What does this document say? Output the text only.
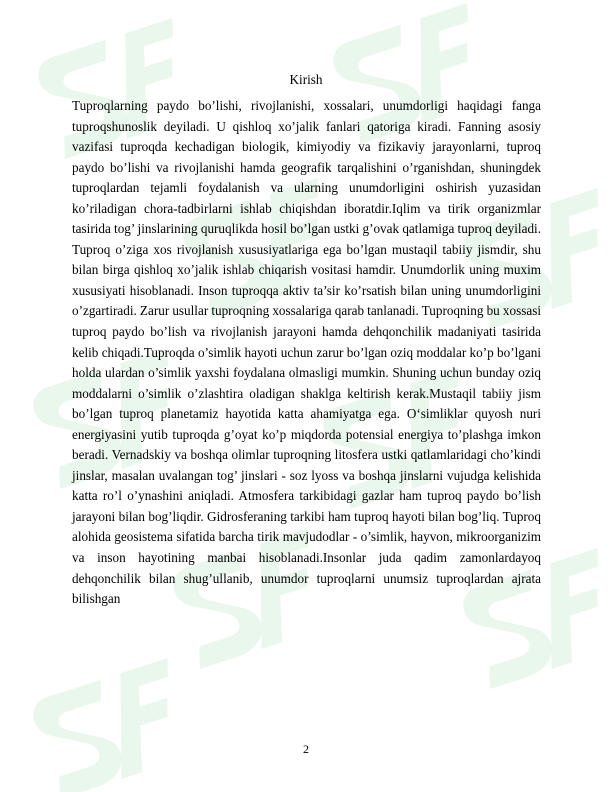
Kirish

Tuproqlarning paydo bo’lishi, rivojlanishi, xossalari, unumdorligi haqidagi fanga tuproqshunoslik deyiladi. U qishloq xo’jalik fanlari qatoriga kiradi. Fanning asosiy vazifasi tuproqda kechadigan biologik, kimiyodiy va fizikaviy jarayonlarni, tuproq paydo bo’lishi va rivojlanishi hamda geografik tarqalishini o’rganishdan, shuningdek tuproqlardan tejamli foydalanish va ularning unumdorligini oshirish yuzasidan ko’riladigan chora-tadbirlarni ishlab chiqishdan iboratdir.Iqlim va tirik organizmlar tasirida tog’ jinslarining quruqlikda hosil bo’lgan ustki g’ovak qatlamiga tuproq deyiladi. Tuproq o’ziga xos rivojlanish xususiyatlariga ega bo’lgan mustaqil tabiiy jismdir, shu bilan birga qishloq xo’jalik ishlab chiqarish vositasi hamdir. Unumdorlik uning muxim xususiyati hisoblanadi. Inson tuproqqa aktiv ta’sir ko’rsatish bilan uning unumdorligini o’zgartiradi. Zarur usullar tuproqning xossalariga qarab tanlanadi. Tuproqning bu xossasi tuproq paydo bo’lish va rivojlanish jarayoni hamda dehqonchilik madaniyati tasirida kelib chiqadi.Tuproqda o’simlik hayoti uchun zarur bo’lgan oziq moddalar ko’p bo’lgani holda ulardan o’simlik yaxshi foydalana olmasligi mumkin. Shuning uchun bunday oziq moddalarni o’simlik o’zlashtira oladigan shaklga keltirish kerak.Mustaqil tabiiy jism bo’lgan tuproq planetamiz hayotida katta ahamiyatga ega. O‘simliklar quyosh nuri energiyasini yutib tuproqda g’oyat ko’p miqdorda potensial energiya to’plashga imkon beradi. Vernadskiy va boshqa olimlar tuproqning litosfera ustki qatlamlaridagi cho’kindi jinslar, masalan uvalangan tog’ jinslari - soz lyoss va boshqa jinslarni vujudga kelishida katta ro’l o’ynashini aniqladi. Atmosfera tarkibidagi gazlar ham tuproq paydo bo’lish jarayoni bilan bog’liqdir. Gidrosferaning tarkibi ham tuproq hayoti bilan bog’liq. Tuproq alohida geosistema sifatida barcha tirik mavjudodlar - o’simlik, hayvon, mikroorganizim va inson hayotining manbai hisoblanadi.Insonlar juda qadim zamonlardayoq dehqonchilik bilan shug’ullanib, unumdor tuproqlarni unumsiz tuproqlardan ajrata bilishgan

2
